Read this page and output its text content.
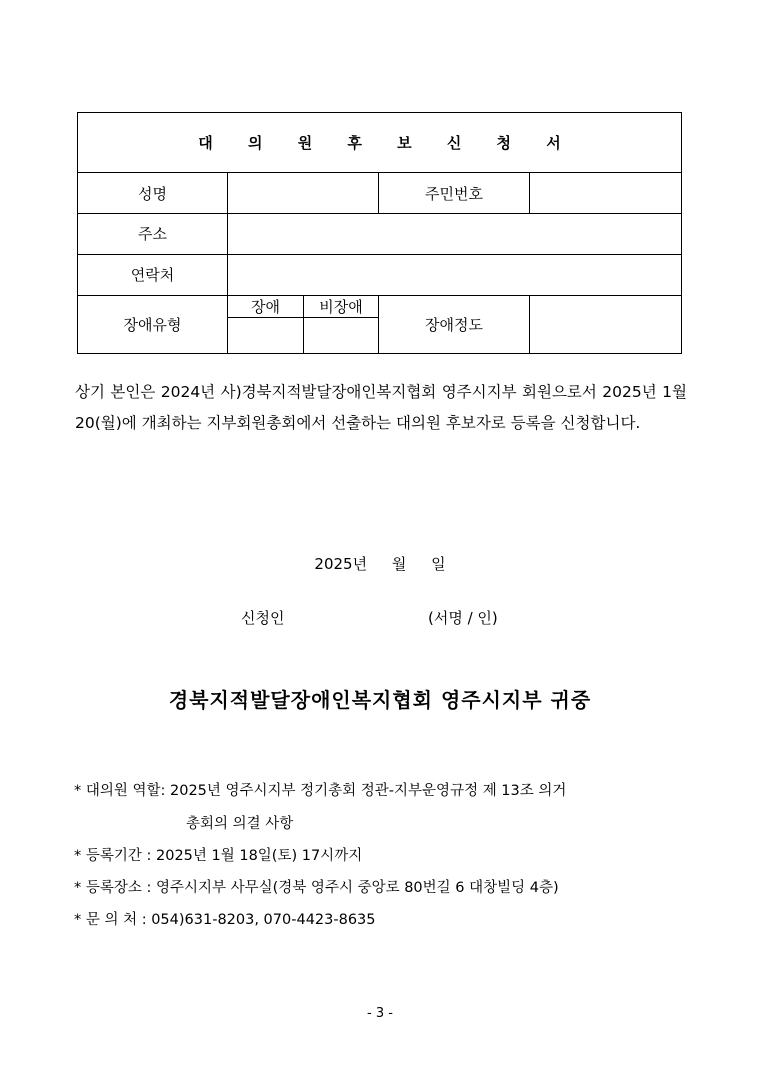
대 의 원 후 보 신 청 서				
성명			주민번호	
주소				
연락처				
장애유형	장애	비장애	장애정도	

상기 본인은 2024년 사)경북지적발달장애인복지협회 영주시지부 회원으로서 2025년 1월 20(월)에 개최하는 지부회원총회에서 선출하는 대의원 후보자로 등록을 신청합니다.
2025년 월 일
신청인	(서명 / 인)
경북지적발달장애인복지협회 영주시지부 귀중
* 대의원 역할: 2025년 영주시지부 정기총회 정관-지부운영규정 제 13조 의거
총회의 의결 사항
* 등록기간 : 2025년 1월 18일(토) 17시까지
* 등록장소 : 영주시지부 사무실(경북 영주시 중앙로 80번길 6 대창빌딩 4층)
* 문 의 처 : 054)631-8203, 070-4423-8635
- 3 -
